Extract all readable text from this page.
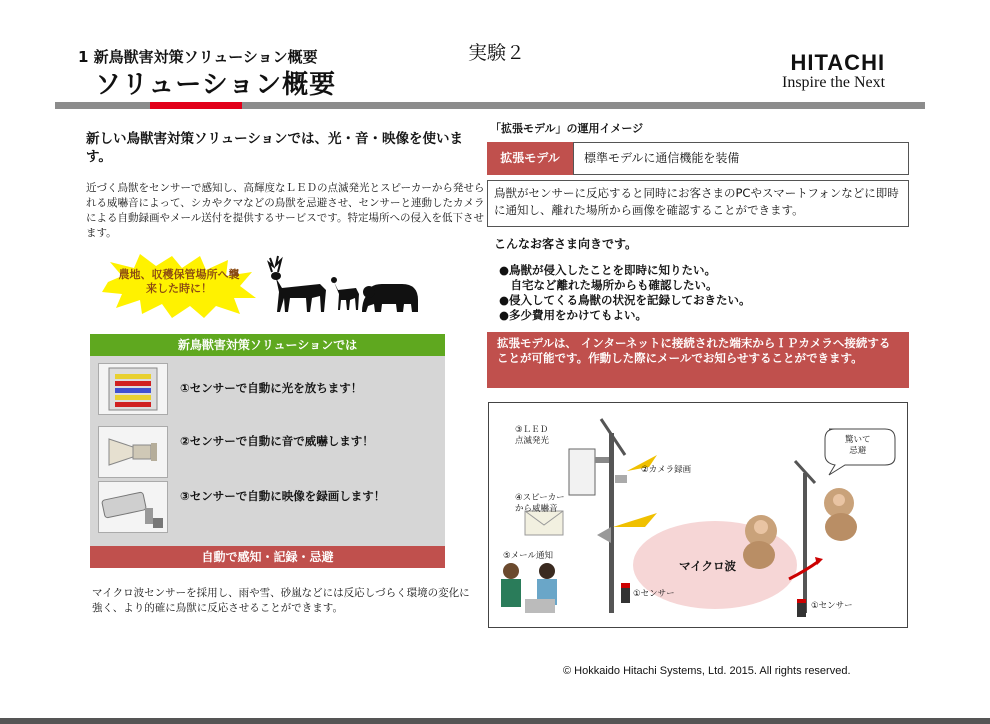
1 新鳥獣害対策ソリューション概要
ソリューション概要
実験２	HITACHI
Inspire the Next
新しい鳥獣害対策ソリューションでは、光・音・映像を使います。
近づく鳥獣をセンサーで感知し、高輝度なＬＥＤの点滅発光とスピーカーから発せられる威嚇音によって、シカやクマなどの鳥獣を忌避させ、センサーと連動したカメラによる自動録画やメール送付を提供するサービスです。特定場所への侵入を低下させます。
農地、収穫保管場所へ襲来した時に！
新鳥獣害対策ソリューションでは
①センサーで自動に光を放ちます！
②センサーで自動に音で威嚇します！
③センサーで自動に映像を録画します！
自動で感知・記録・忌避
マイクロ波センサーを採用し、雨や雪、砂嵐などには反応しづらく環境の変化に強く、より的確に鳥獣に反応させることができます。
「拡張モデル」の運用イメージ
拡張モデル	標準モデルに通信機能を装備
鳥獣がセンサーに反応すると同時にお客さまのPCやスマートフォンなどに即時に通知し、離れた場所から画像を確認することができます。
こんなお客さま向きです。
●鳥獣が侵入したことを即時に知りたい。
　自宅など離れた場所からも確認したい。
●侵入してくる鳥獣の状況を記録しておきたい。
●多少費用をかけてもよい。
拡張モデルは、 インターネットに接続された端末からＩＰカメラへ接続することが可能です。作動した際にメールでお知らせすることができます。
③ＬＥＤ
点滅発光
②カメラ録画
④スピーカー
から威嚇音
⑤メール通知
マイクロ波
①センサー
①センサー
驚いて
忌避
© Hokkaido Hitachi Systems, Ltd. 2015. All rights reserved.
